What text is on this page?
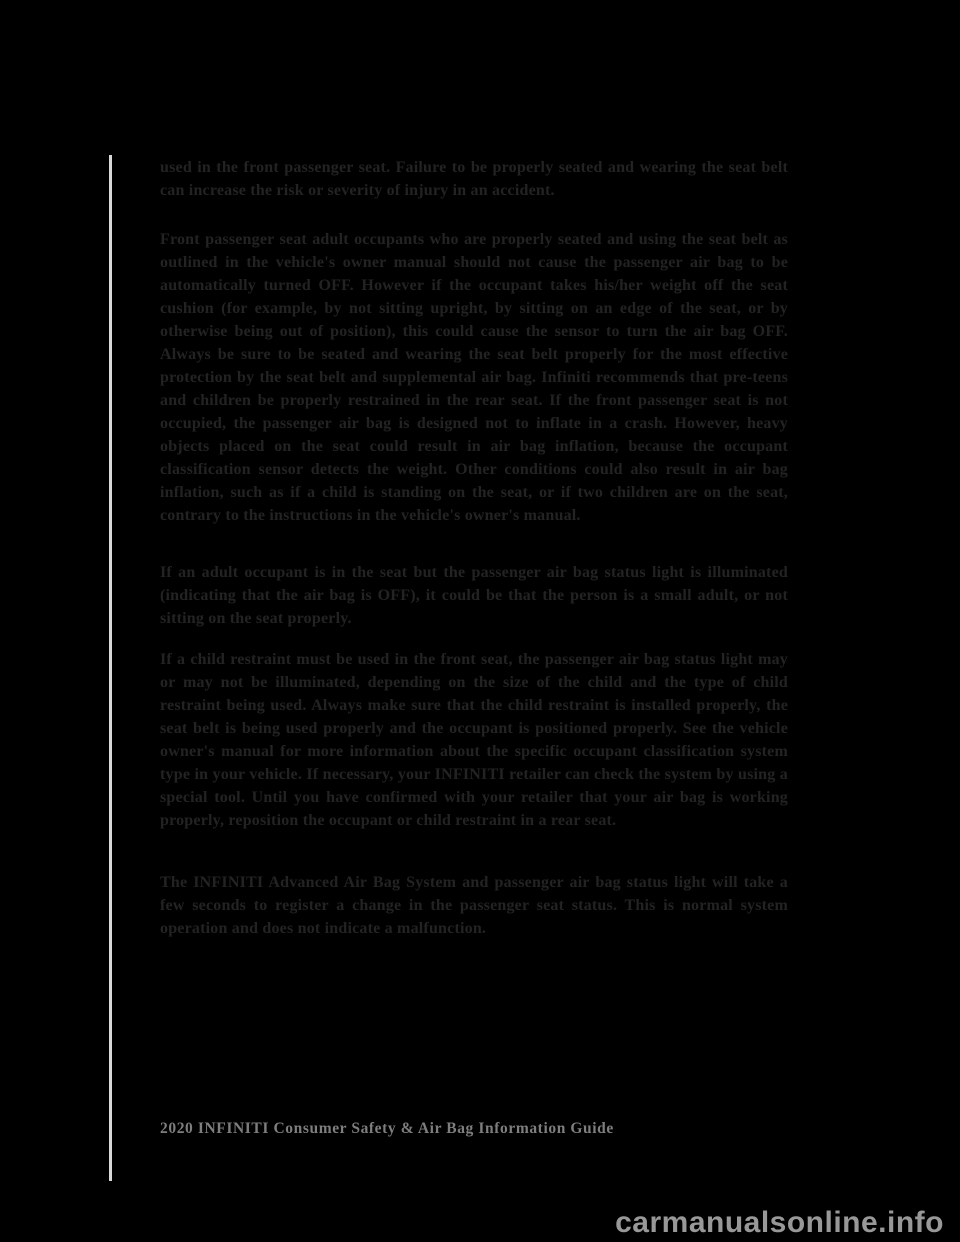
used in the front passenger seat. Failure to be properly seated and wearing the seat belt can increase the risk or severity of injury in an accident.

Front passenger seat adult occupants who are properly seated and using the seat belt as outlined in the vehicle's owner manual should not cause the passenger air bag to be automatically turned OFF. However if the occupant takes his/her weight off the seat cushion (for example, by not sitting upright, by sitting on an edge of the seat, or by otherwise being out of position), this could cause the sensor to turn the air bag OFF. Always be sure to be seated and wearing the seat belt properly for the most effective protection by the seat belt and supplemental air bag. Infiniti recommends that pre-teens and children be properly restrained in the rear seat. If the front passenger seat is not occupied, the passenger air bag is designed not to inflate in a crash. However, heavy objects placed on the seat could result in air bag inflation, because the occupant classification sensor detects the weight. Other conditions could also result in air bag inflation, such as if a child is standing on the seat, or if two children are on the seat, contrary to the instructions in the vehicle's owner's manual.

If an adult occupant is in the seat but the passenger air bag status light is illuminated (indicating that the air bag is OFF), it could be that the person is a small adult, or not sitting on the seat properly.

If a child restraint must be used in the front seat, the passenger air bag status light may or may not be illuminated, depending on the size of the child and the type of child restraint being used. Always make sure that the child restraint is installed properly, the seat belt is being used properly and the occupant is positioned properly. See the vehicle owner's manual for more information about the specific occupant classification system type in your vehicle. If necessary, your INFINITI retailer can check the system by using a special tool. Until you have confirmed with your retailer that your air bag is working properly, reposition the occupant or child restraint in a rear seat.

The INFINITI Advanced Air Bag System and passenger air bag status light will take a few seconds to register a change in the passenger seat status. This is normal system operation and does not indicate a malfunction.

2020 INFINITI Consumer Safety & Air Bag Information Guide

carmanualsonline.info
